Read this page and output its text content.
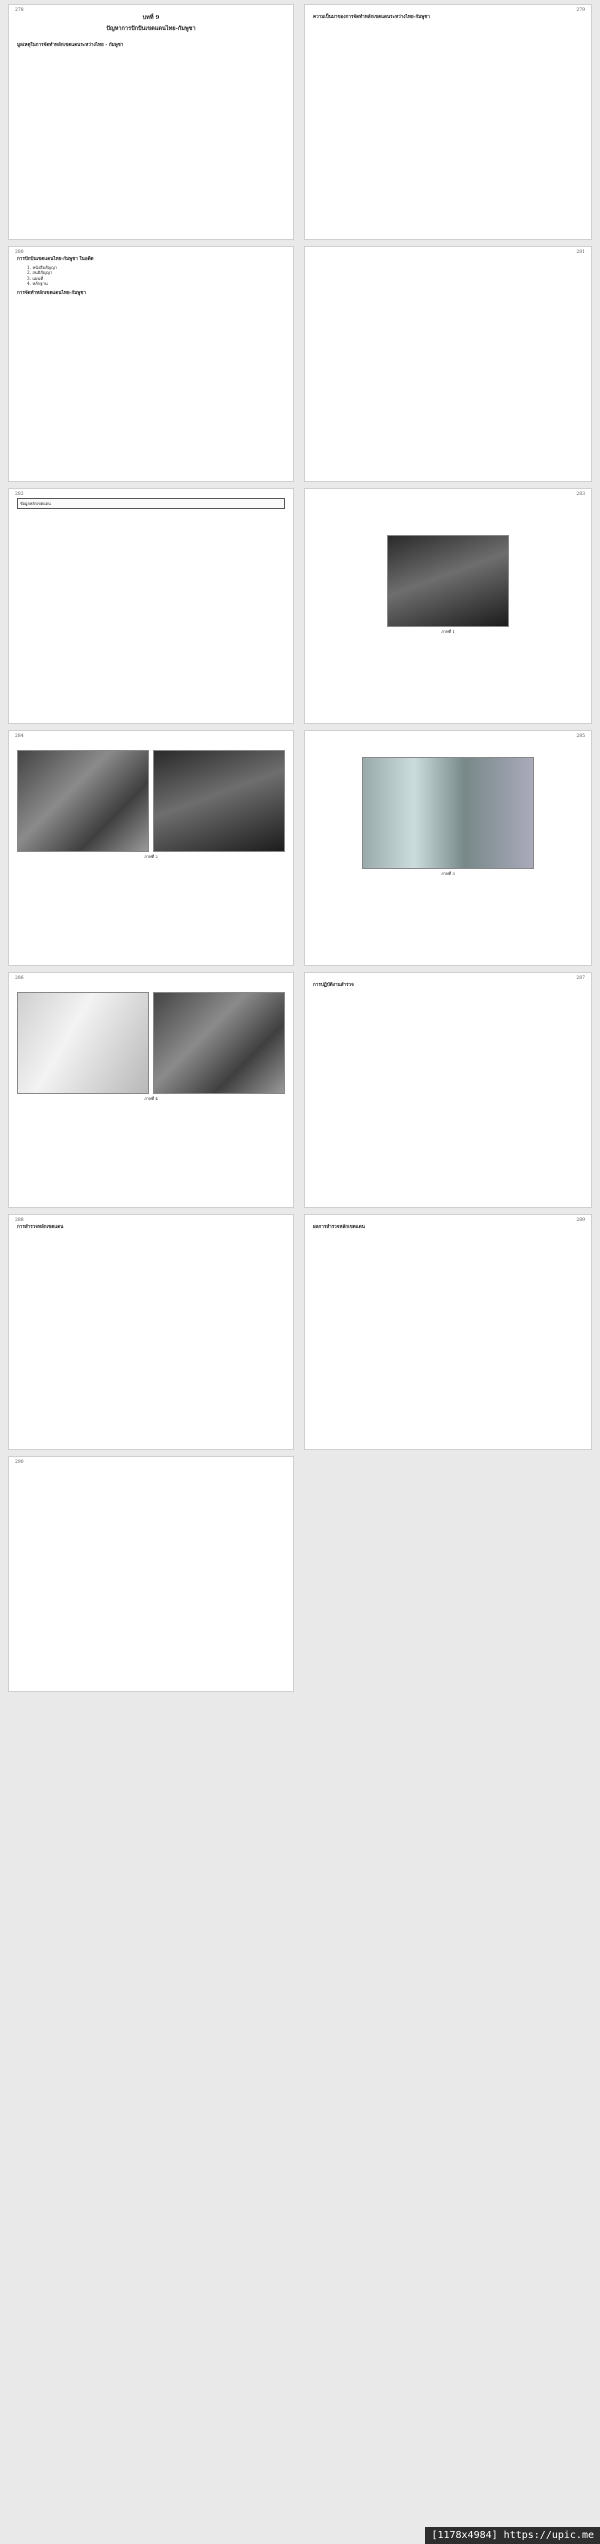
278
บทที่ 9
ปัญหาการปักปันเขตแดนไทย-กัมพูชา

มูลเหตุในการจัดทำหลักเขตแดนระหว่างไทย - กัมพูชา

279
ความเป็นมาของการจัดทำหลักเขตแดนระหว่างไทย-กัมพูชา
280
การปักปันเขตแดนไทย-กัมพูชา ในอดีต
1. หนังสือสัญญา
2. สนธิสัญญา
3. แผนที่
4. หลักฐาน
การจัดทำหลักเขตแดนไทย-กัมพูชา
281
282
ข้อมูลหลักเขตแดน
283
ภาพที่ 1
284
ภาพที่ 2
285
ภาพที่ 3
286
ภาพที่ 4
287
การปฏิบัติงานสำรวจ
288
การสำรวจหลักเขตแดน
289
ผลการสำรวจหลักเขตแดน
290
[1178x4984] https://upic.me
